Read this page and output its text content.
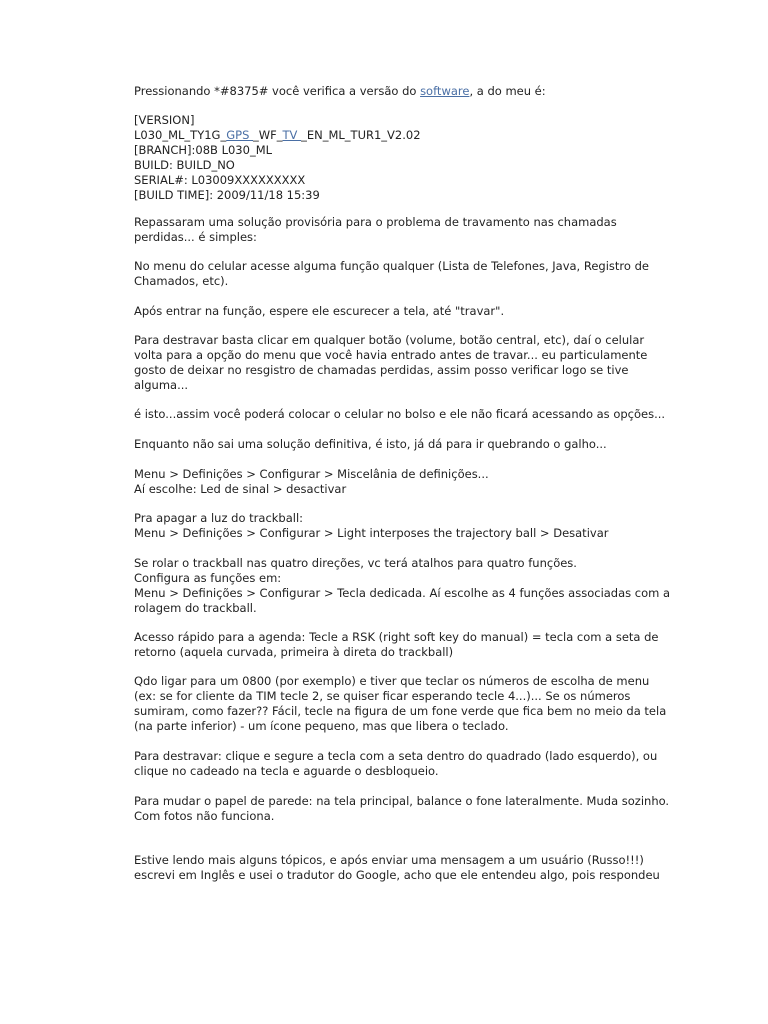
Pressionando *#8375# você verifica a versão do software, a do meu é:

[VERSION]
L030_ML_TY1G_GPS _WF_TV _EN_ML_TUR1_V2.02
[BRANCH]:08B L030_ML
BUILD: BUILD_NO
SERIAL#: L03009XXXXXXXXX
[BUILD TIME]: 2009/11/18 15:39

Repassaram uma solução provisória para o problema de travamento nas chamadas
perdidas... é simples:

No menu do celular acesse alguma função qualquer (Lista de Telefones, Java, Registro de
Chamados, etc).

Após entrar na função, espere ele escurecer a tela, até "travar".

Para destravar basta clicar em qualquer botão (volume, botão central, etc), daí o celular
volta para a opção do menu que você havia entrado antes de travar... eu particulamente
gosto de deixar no resgistro de chamadas perdidas, assim posso verificar logo se tive
alguma...

é isto...assim você poderá colocar o celular no bolso e ele não ficará acessando as opções...

Enquanto não sai uma solução definitiva, é isto, já dá para ir quebrando o galho...

Menu > Definições > Configurar > Miscelânia de definições...
Aí escolhe: Led de sinal > desactivar

Pra apagar a luz do trackball:
Menu > Definições > Configurar > Light interposes the trajectory ball > Desativar

Se rolar o trackball nas quatro direções, vc terá atalhos para quatro funções.
Configura as funções em:
Menu > Definições > Configurar > Tecla dedicada. Aí escolhe as 4 funções associadas com a
rolagem do trackball.

Acesso rápido para a agenda: Tecle a RSK (right soft key do manual) = tecla com a seta de
retorno (aquela curvada, primeira à direta do trackball)

Qdo ligar para um 0800 (por exemplo) e tiver que teclar os números de escolha de menu
(ex: se for cliente da TIM tecle 2, se quiser ficar esperando tecle 4...)... Se os números
sumiram, como fazer?? Fácil, tecle na figura de um fone verde que fica bem no meio da tela
(na parte inferior) - um ícone pequeno, mas que libera o teclado.

Para destravar: clique e segure a tecla com a seta dentro do quadrado (lado esquerdo), ou
clique no cadeado na tecla e aguarde o desbloqueio.

Para mudar o papel de parede: na tela principal, balance o fone lateralmente. Muda sozinho.
Com fotos não funciona.

Estive lendo mais alguns tópicos, e após enviar uma mensagem a um usuário (Russo!!!)
escrevi em Inglês e usei o tradutor do Google, acho que ele entendeu algo, pois respondeu
